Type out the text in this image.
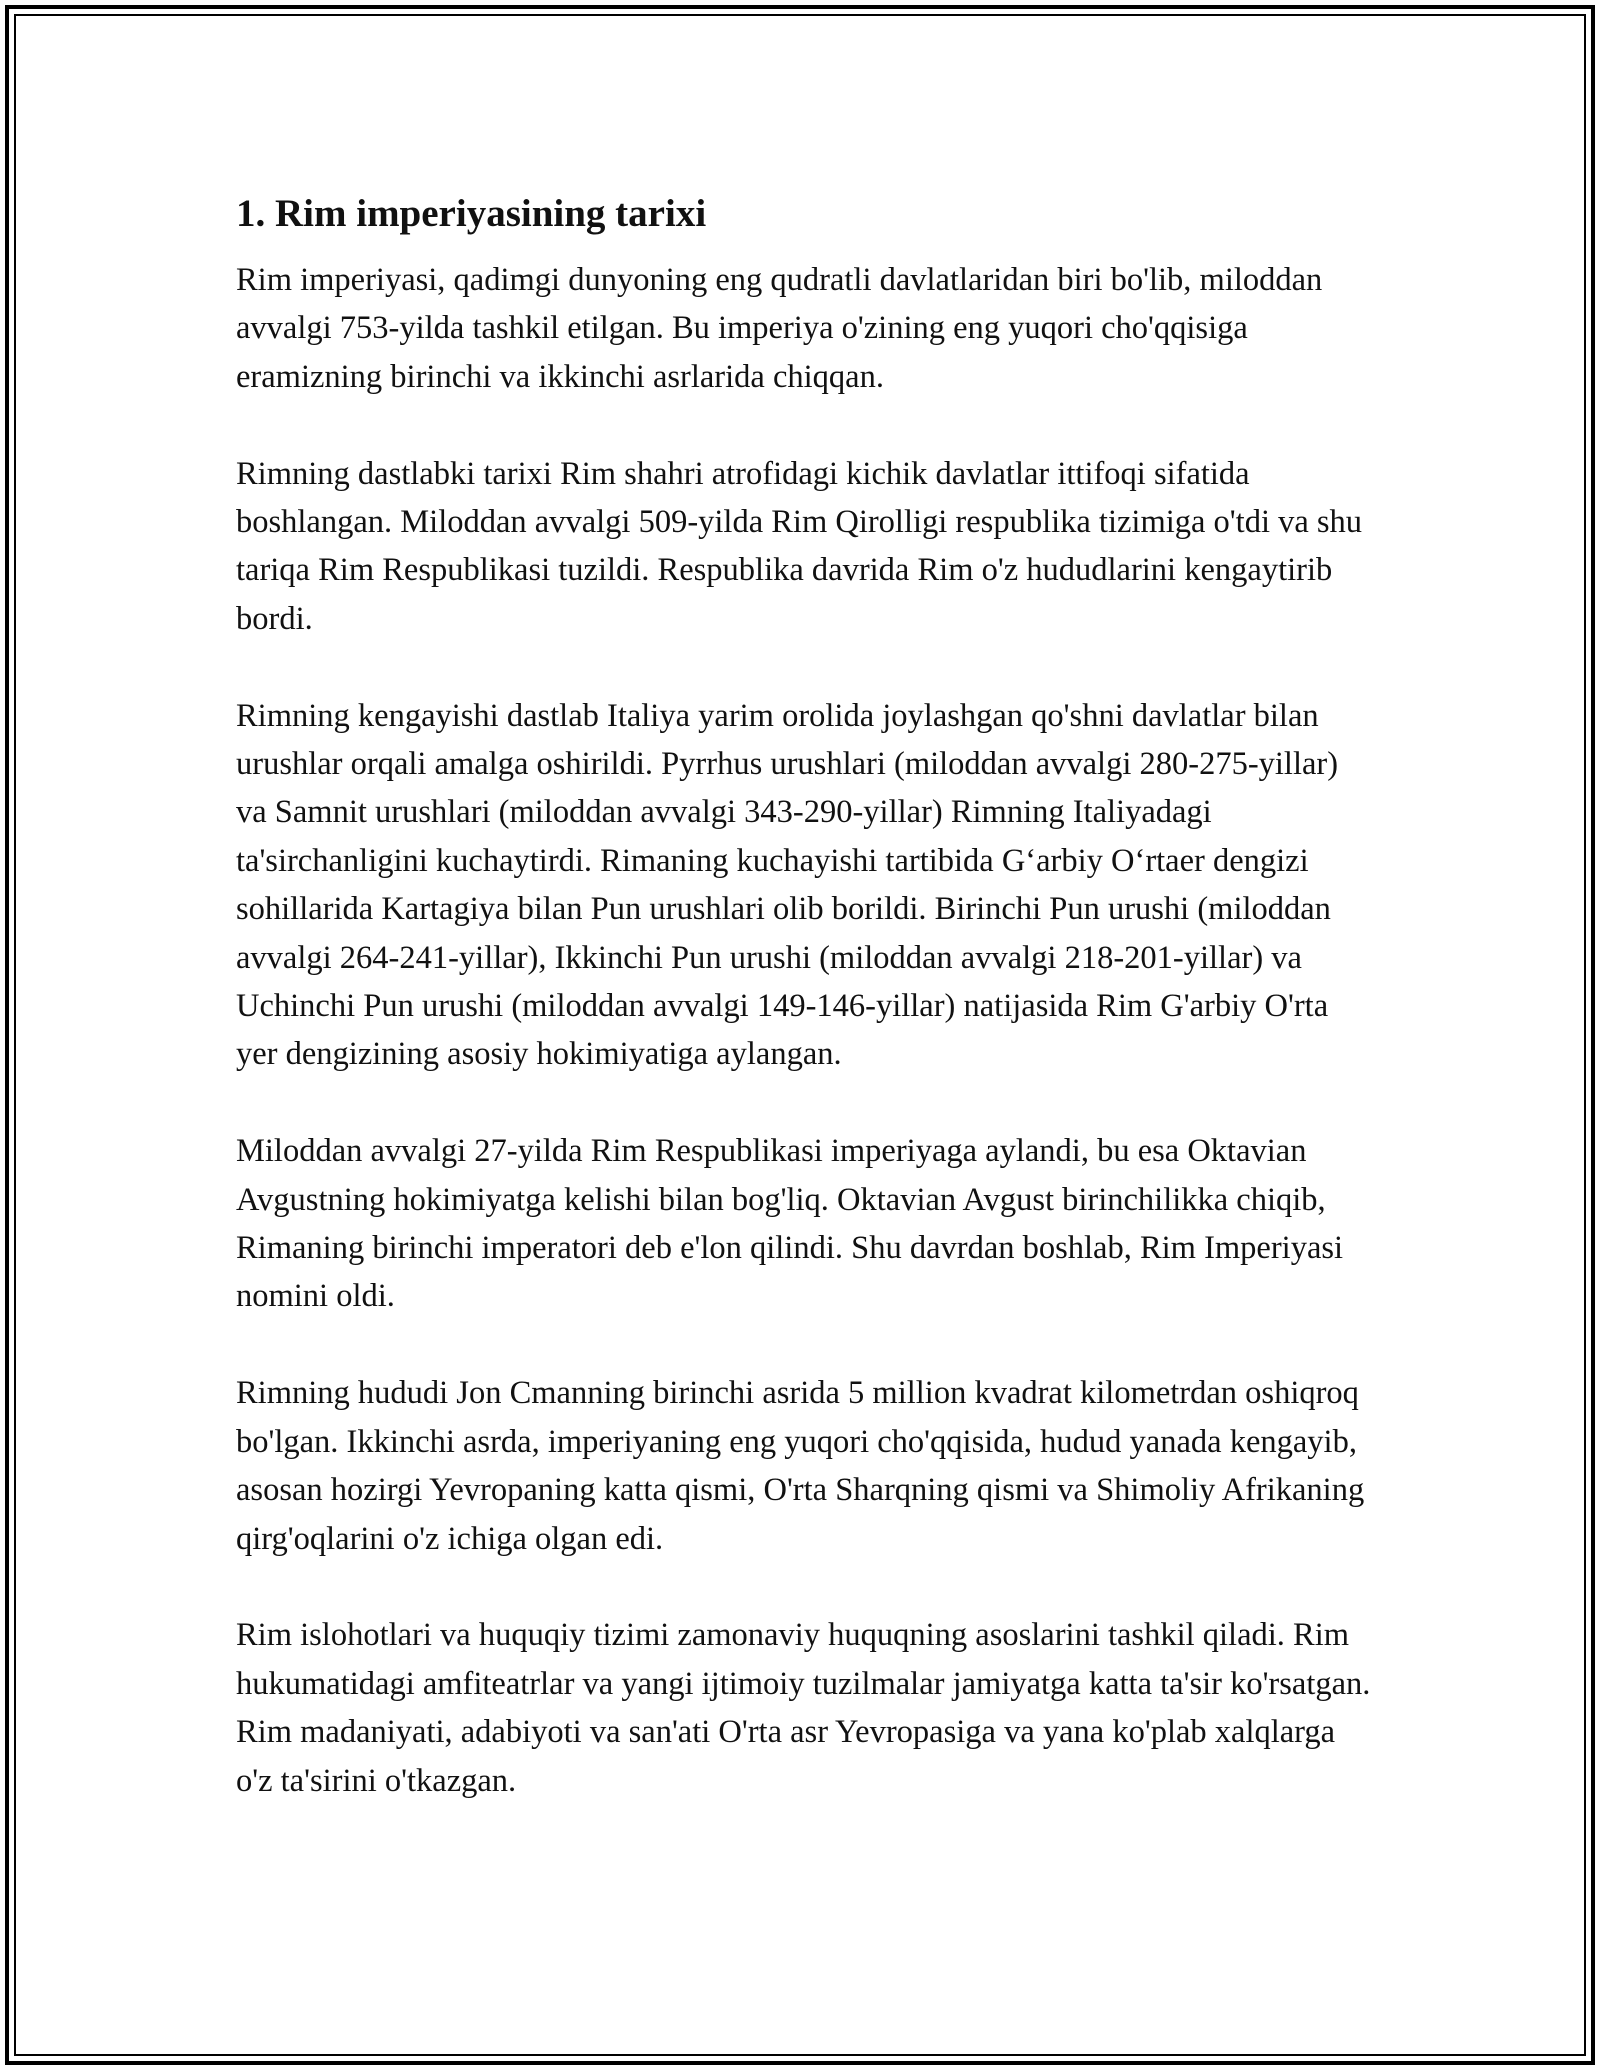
1. Rim imperiyasining tarixi

Rim imperiyasi, qadimgi dunyoning eng qudratli davlatlaridan biri bo'lib, miloddan avvalgi 753-yilda tashkil etilgan. Bu imperiya o'zining eng yuqori cho'qqisiga eramizning birinchi va ikkinchi asrlarida chiqqan.

Rimning dastlabki tarixi Rim shahri atrofidagi kichik davlatlar ittifoqi sifatida boshlangan. Miloddan avvalgi 509-yilda Rim Qirolligi respublika tizimiga o'tdi va shu tariqa Rim Respublikasi tuzildi. Respublika davrida Rim o'z hududlarini kengaytirib bordi.

Rimning kengayishi dastlab Italiya yarim orolida joylashgan qo'shni davlatlar bilan urushlar orqali amalga oshirildi. Pyrrhus urushlari (miloddan avvalgi 280-275-yillar) va Samnit urushlari (miloddan avvalgi 343-290-yillar) Rimning Italiyadagi ta'sirchanligini kuchaytirdi. Rimaning kuchayishi tartibida G‘arbiy O‘rtaer dengizi sohillarida Kartagiya bilan Pun urushlari olib borildi. Birinchi Pun urushi (miloddan avvalgi 264-241-yillar), Ikkinchi Pun urushi (miloddan avvalgi 218-201-yillar) va Uchinchi Pun urushi (miloddan avvalgi 149-146-yillar) natijasida Rim G'arbiy O'rta yer dengizining asosiy hokimiyatiga aylangan.

Miloddan avvalgi 27-yilda Rim Respublikasi imperiyaga aylandi, bu esa Oktavian Avgustning hokimiyatga kelishi bilan bog'liq. Oktavian Avgust birinchilikka chiqib, Rimaning birinchi imperatori deb e'lon qilindi. Shu davrdan boshlab, Rim Imperiyasi nomini oldi.

Rimning hududi Jon Cmanning birinchi asrida 5 million kvadrat kilometrdan oshiqroq bo'lgan. Ikkinchi asrda, imperiyaning eng yuqori cho'qqisida, hudud yanada kengayib, asosan hozirgi Yevropaning katta qismi, O'rta Sharqning qismi va Shimoliy Afrikaning qirg'oqlarini o'z ichiga olgan edi.

Rim islohotlari va huquqiy tizimi zamonaviy huquqning asoslarini tashkil qiladi. Rim hukumatidagi amfiteatrlar va yangi ijtimoiy tuzilmalar jamiyatga katta ta'sir ko'rsatgan. Rim madaniyati, adabiyoti va san'ati O'rta asr Yevropasiga va yana ko'plab xalqlarga o'z ta'sirini o'tkazgan.
